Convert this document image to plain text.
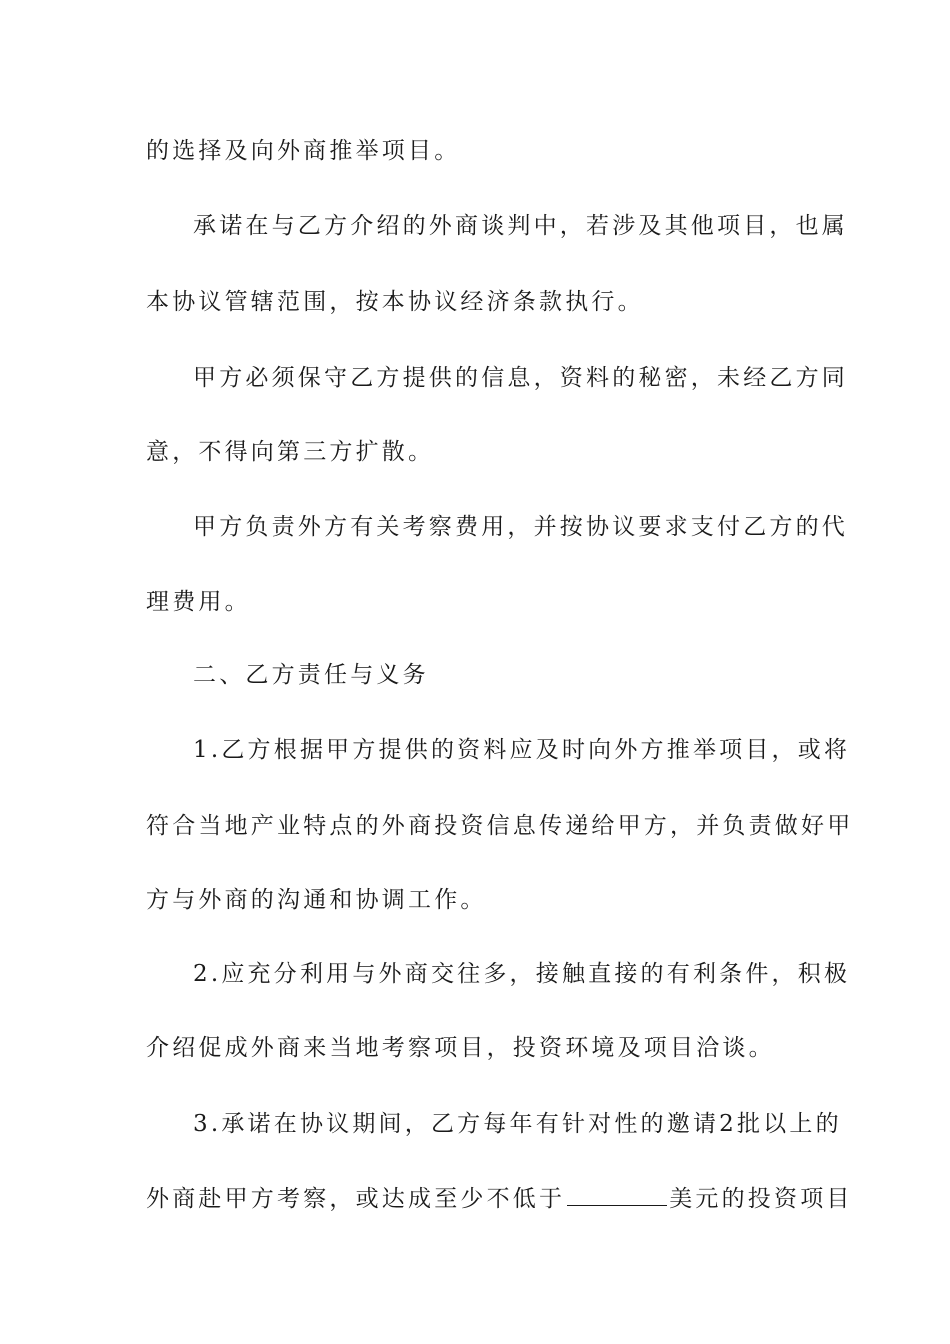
的选择及向外商推举项目。
承诺在与乙方介绍的外商谈判中，若涉及其他项目，也属
本协议管辖范围，按本协议经济条款执行。
甲方必须保守乙方提供的信息，资料的秘密，未经乙方同
意，不得向第三方扩散。
甲方负责外方有关考察费用，并按协议要求支付乙方的代
理费用。
二、乙方责任与义务
1.乙方根据甲方提供的资料应及时向外方推举项目，或将
符合当地产业特点的外商投资信息传递给甲方，并负责做好甲
方与外商的沟通和协调工作。
2.应充分利用与外商交往多，接触直接的有利条件，积极
介绍促成外商来当地考察项目，投资环境及项目洽谈。
3.承诺在协议期间，乙方每年有针对性的邀请2批以上的
外商赴甲方考察，或达成至少不低于	美元的投资项目
